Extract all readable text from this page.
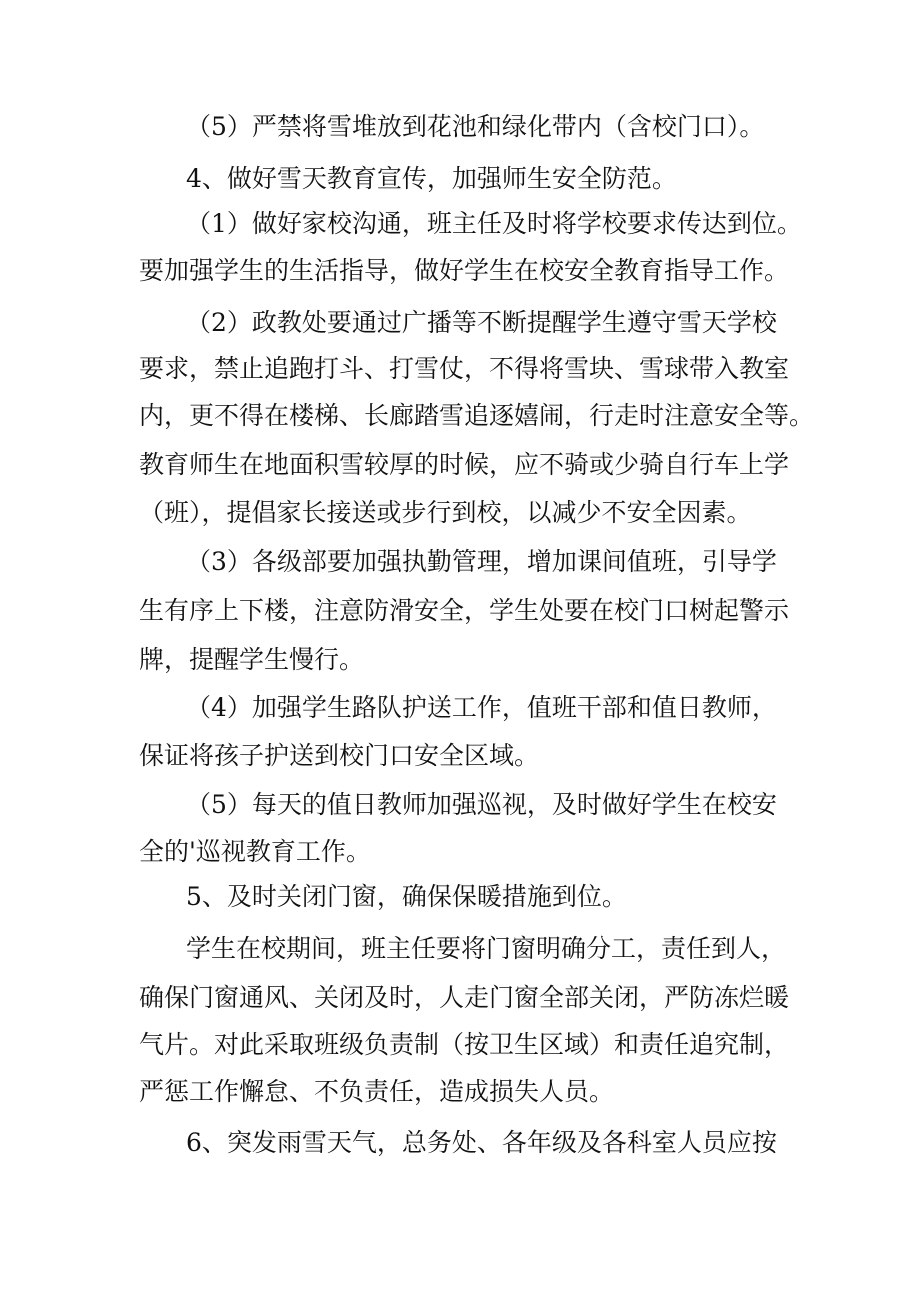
（5）严禁将雪堆放到花池和绿化带内（含校门口）。
4、做好雪天教育宣传，加强师生安全防范。
（1）做好家校沟通，班主任及时将学校要求传达到位。
要加强学生的生活指导，做好学生在校安全教育指导工作。
（2）政教处要通过广播等不断提醒学生遵守雪天学校
要求，禁止追跑打斗、打雪仗，不得将雪块、雪球带入教室
内，更不得在楼梯、长廊踏雪追逐嬉闹，行走时注意安全等。
教育师生在地面积雪较厚的时候，应不骑或少骑自行车上学
（班），提倡家长接送或步行到校，以减少不安全因素。
（3）各级部要加强执勤管理，增加课间值班，引导学
生有序上下楼，注意防滑安全，学生处要在校门口树起警示
牌，提醒学生慢行。
（4）加强学生路队护送工作，值班干部和值日教师，
保证将孩子护送到校门口安全区域。
（5）每天的值日教师加强巡视，及时做好学生在校安
全的'巡视教育工作。
5、及时关闭门窗，确保保暖措施到位。
学生在校期间，班主任要将门窗明确分工，责任到人，
确保门窗通风、关闭及时，人走门窗全部关闭，严防冻烂暖
气片。对此采取班级负责制（按卫生区域）和责任追究制，
严惩工作懈怠、不负责任，造成损失人员。
6、突发雨雪天气，总务处、各年级及各科室人员应按
